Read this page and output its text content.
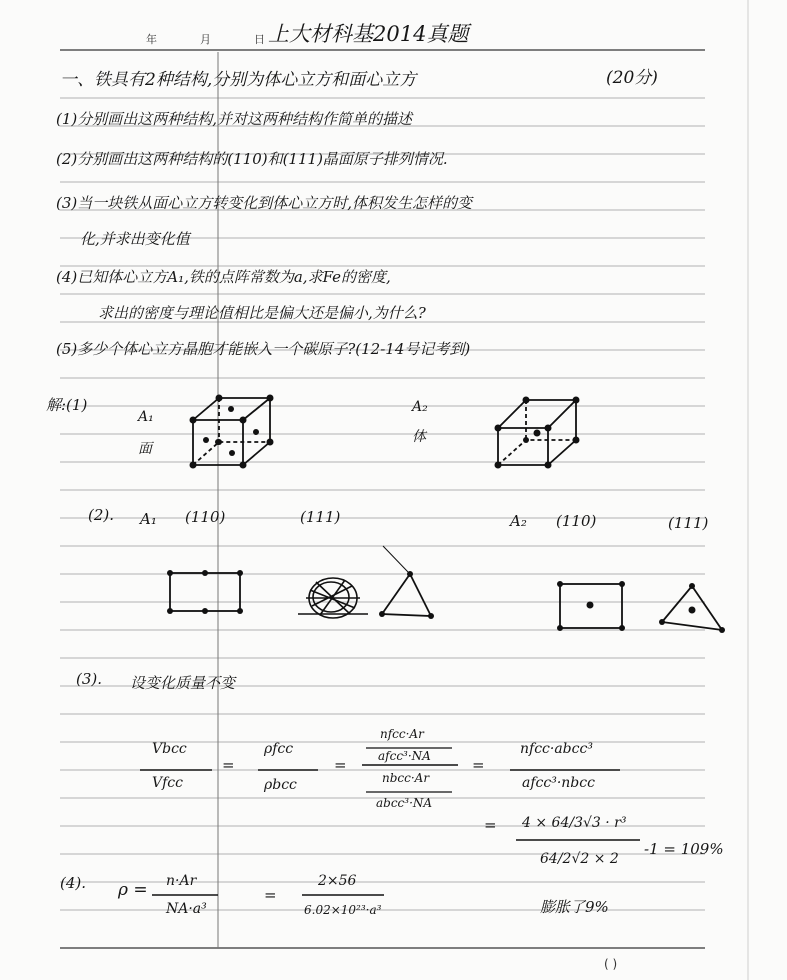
年	月	日 上大材科基2014真题
一、铁具有2种结构,分别为体心立方和面心立方	(20分)
(1)分别画出这两种结构,并对这两种结构作简单的描述
(2)分别画出这两种结构的(110)和(111)晶面原子排列情况.
(3)当一块铁从面心立方转变化到体心立方时,体积发生怎样的变
化,并求出变化值
(4)已知体心立方A₁,铁的点阵常数为a,求Fe的密度,
求出的密度与理论值相比是偏大还是偏小,为什么?
(5)多少个体心立方晶胞才能嵌入一个碳原子?(12-14号记考到)
解:(1)
A₁
面
A₂
体
(2). A₁ (110)	(111)	A₂ (110)	(111)
(3). 设变化质量不变
Vbcc
Vfcc
=
ρfcc
ρbcc
=
nfcc·Ar
afcc³·NA
nbcc·Ar
abcc³·NA
=
nfcc·abcc³
afcc³·nbcc
= 4 × 64/3√3 · r³
64/2√2 × 2
-1 = 109%
膨胀了9%
(4). ρ = n·Ar
NA·a³
=
2×56
6.02×10²³·a³
( )
